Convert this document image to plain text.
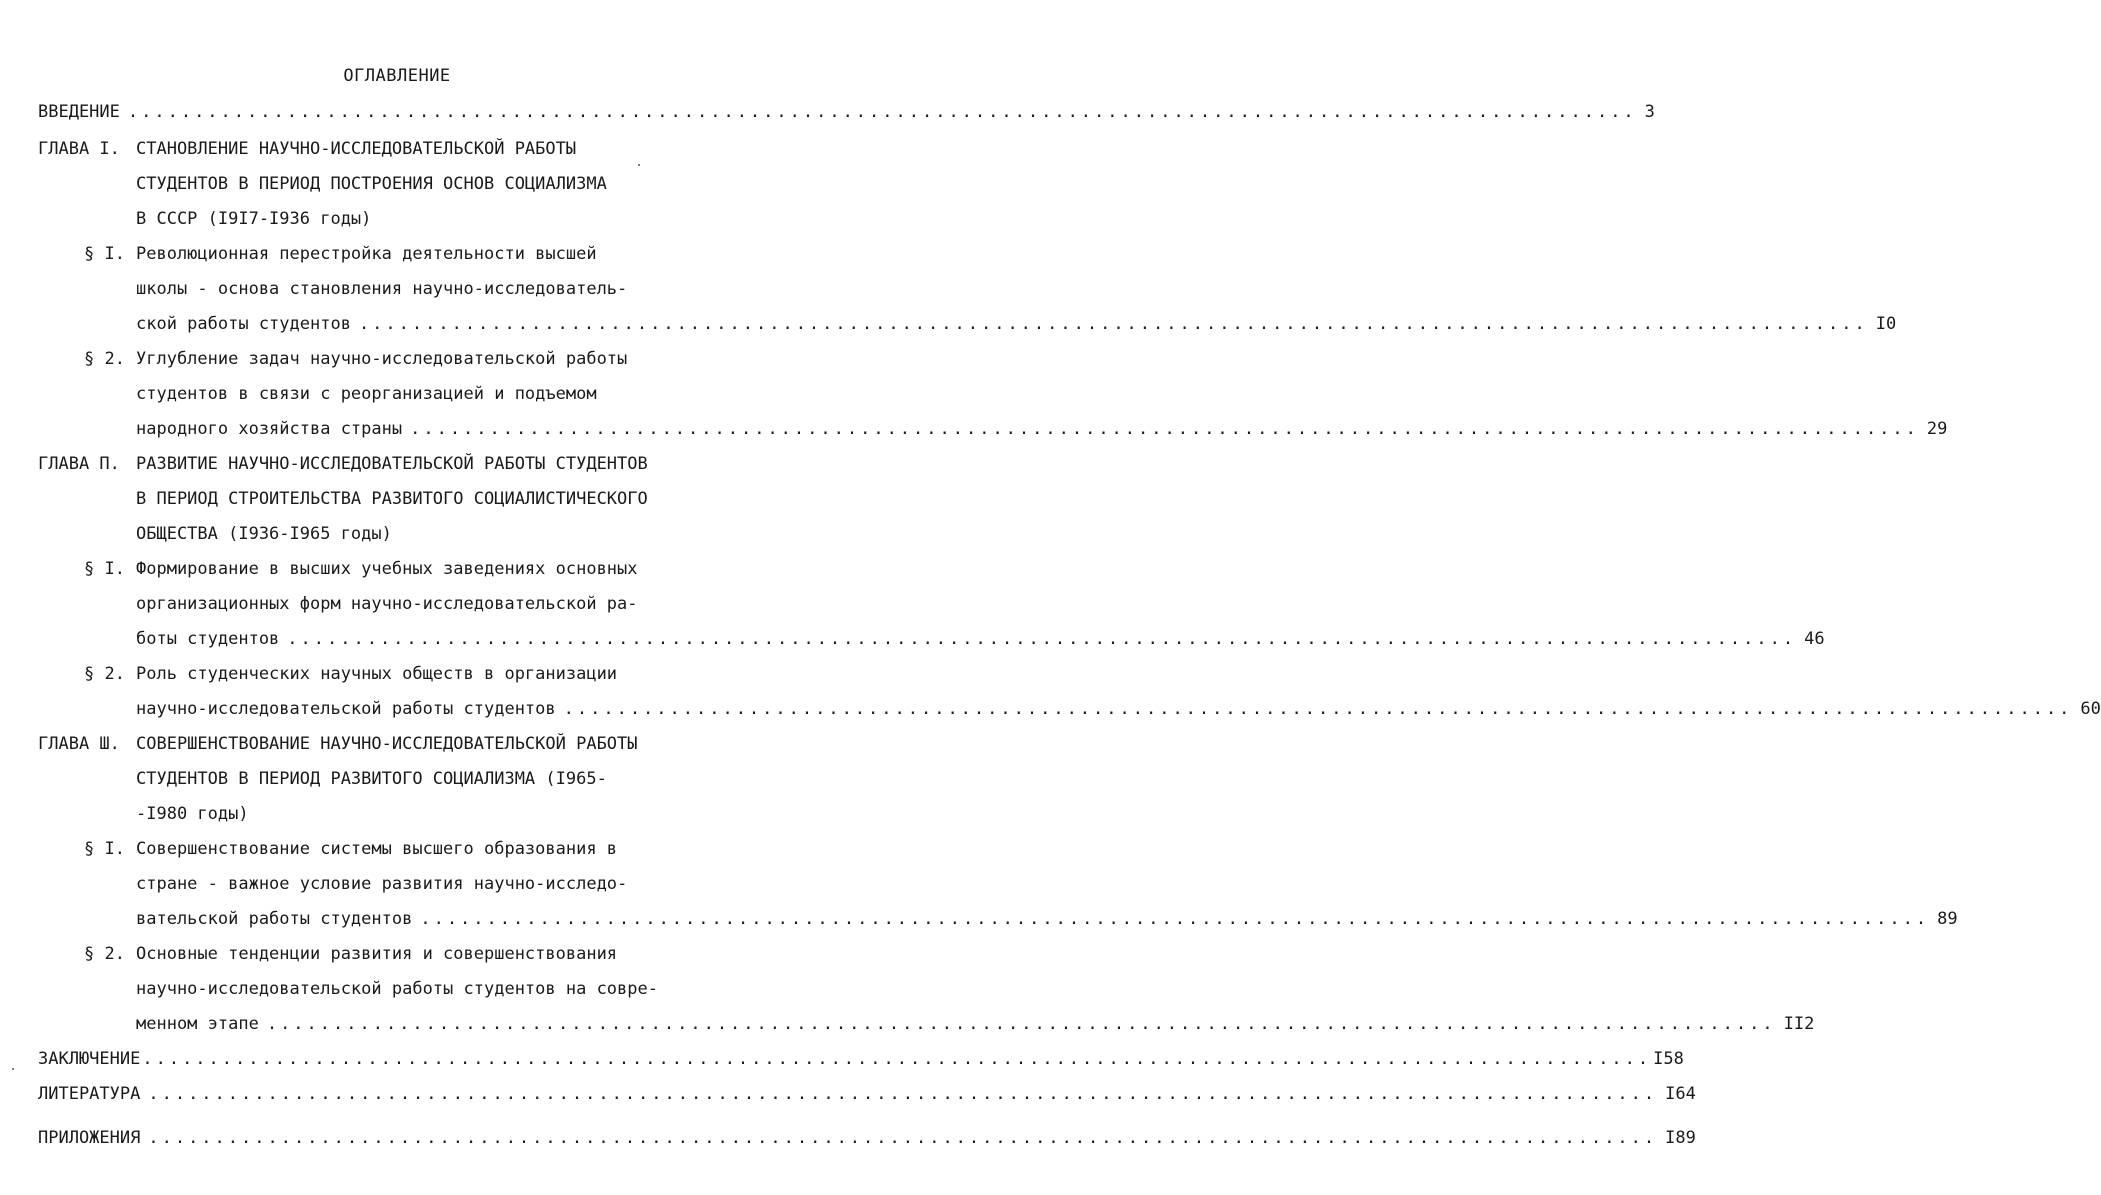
ОГЛАВЛЕНИЕ
ВВЕДЕНИЕ .................................................................................................................. 3
ГЛАВА I. СТАНОВЛЕНИЕ НАУЧНО-ИССЛЕДОВАТЕЛЬСКОЙ РАБОТЫ
СТУДЕНТОВ В ПЕРИОД ПОСТРОЕНИЯ ОСНОВ СОЦИАЛИЗМА
В СССР (I9I7-I936 годы)
§ I. Революционная перестройка деятельности высшей
школы - основа становления научно-исследователь-
ской работы студентов .................................................................................................................. I0
§ 2. Углубление задач научно-исследовательской работы
студентов в связи с реорганизацией и подъемом
народного хозяйства страны .................................................................................................................. 29
ГЛАВА П. РАЗВИТИЕ НАУЧНО-ИССЛЕДОВАТЕЛЬСКОЙ РАБОТЫ СТУДЕНТОВ
В ПЕРИОД СТРОИТЕЛЬСТВА РАЗВИТОГО СОЦИАЛИСТИЧЕСКОГО
ОБЩЕСТВА (I936-I965 годы)
§ I. Формирование в высших учебных заведениях основных
организационных форм научно-исследовательской ра-
боты студентов .................................................................................................................. 46
§ 2. Роль студенческих научных обществ в организации
научно-исследовательской работы студентов .................................................................................................................. 60
ГЛАВА Ш. СОВЕРШЕНСТВОВАНИЕ НАУЧНО-ИССЛЕДОВАТЕЛЬСКОЙ РАБОТЫ
СТУДЕНТОВ В ПЕРИОД РАЗВИТОГО СОЦИАЛИЗМА (I965-
-I980 годы)
§ I. Совершенствование системы высшего образования в
стране - важное условие развития научно-исследо-
вательской работы студентов .................................................................................................................. 89
§ 2. Основные тенденции развития и совершенствования
научно-исследовательской работы студентов на совре-
менном этапе .................................................................................................................. II2
ЗАКЛЮЧЕНИЕ .................................................................................................................. I58
ЛИТЕРАТУРА .................................................................................................................. I64
ПРИЛОЖЕНИЯ .................................................................................................................. I89
